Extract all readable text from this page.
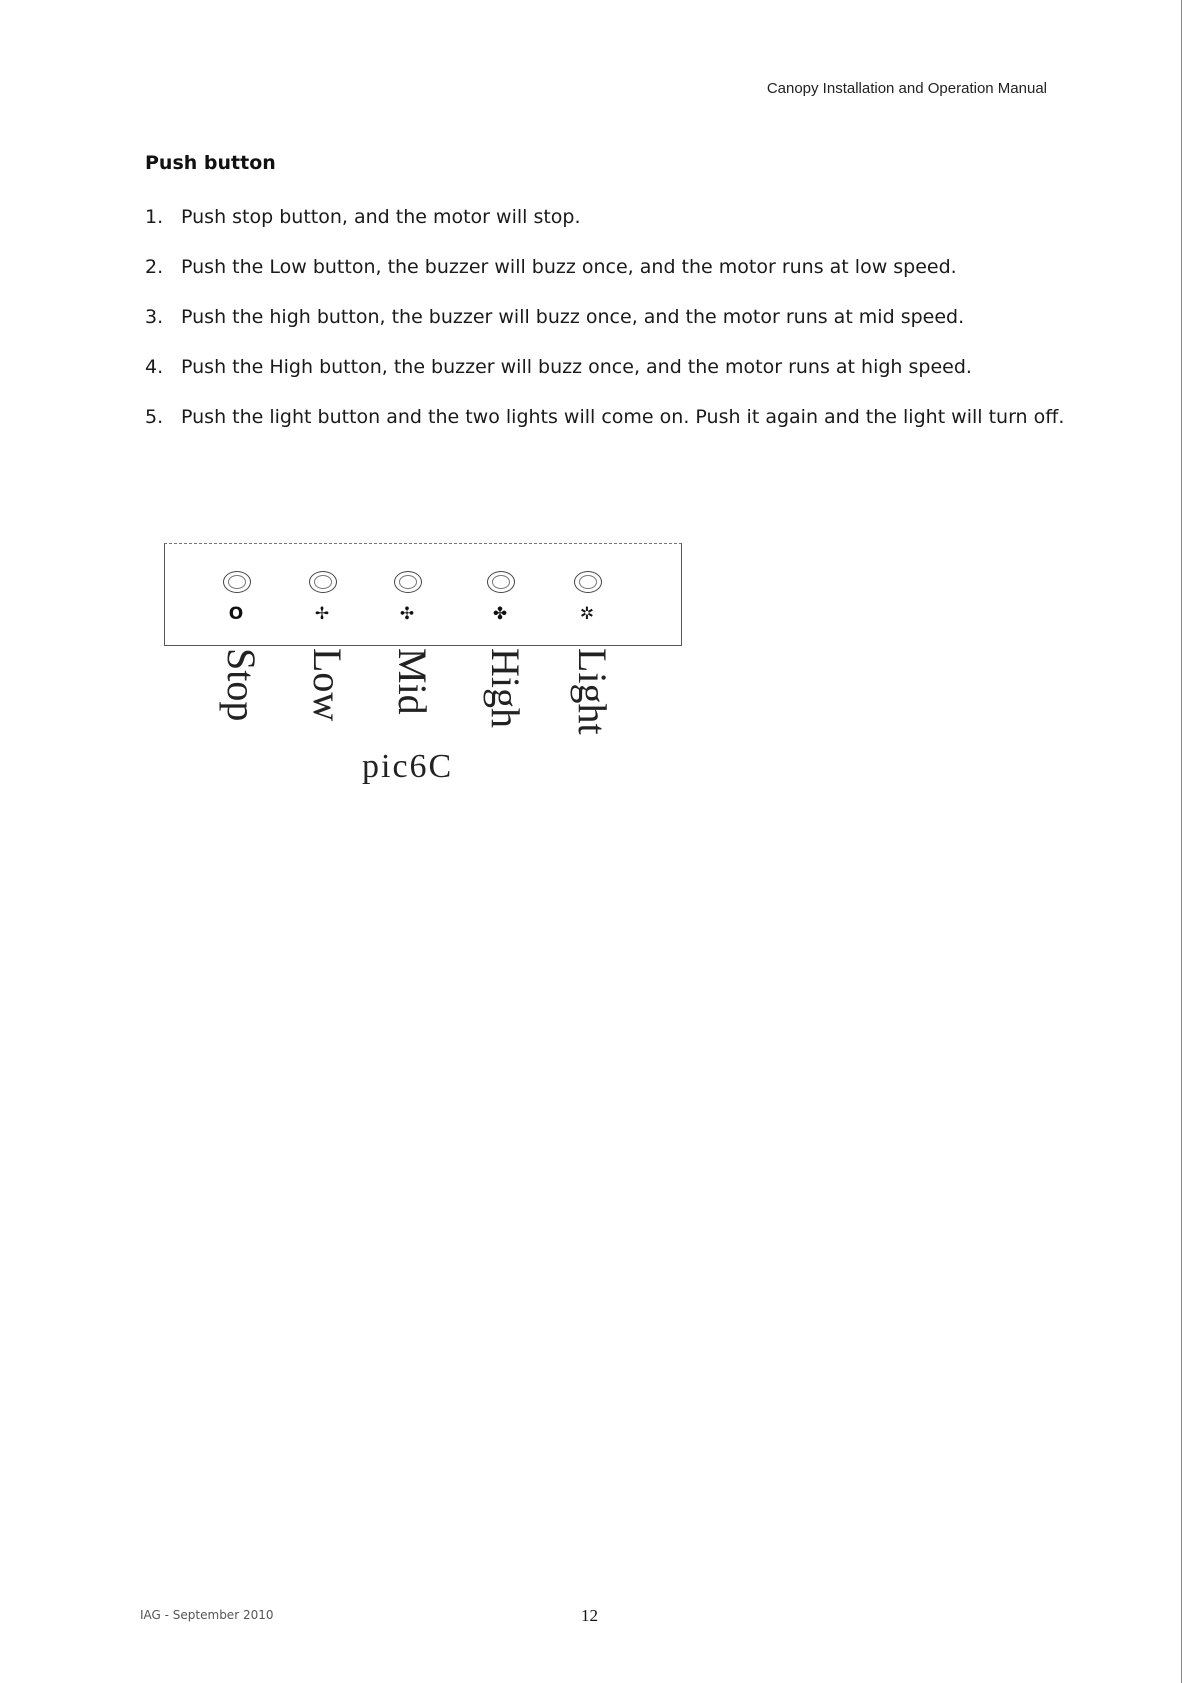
Canopy Installation and Operation Manual
Push button
1. Push stop button, and the motor will stop.
2. Push the Low button, the buzzer will buzz once, and the motor runs at low speed.
3. Push the high button, the buzzer will buzz once, and the motor runs at mid speed.
4. Push the High button, the buzzer will buzz once, and the motor runs at high speed.
5. Push the light button and the two lights will come on. Push it again and the light will turn off.
O	✢	✣	✤	✲
Stop Low Mid High Light
pic6C
IAG - September 2010	12
